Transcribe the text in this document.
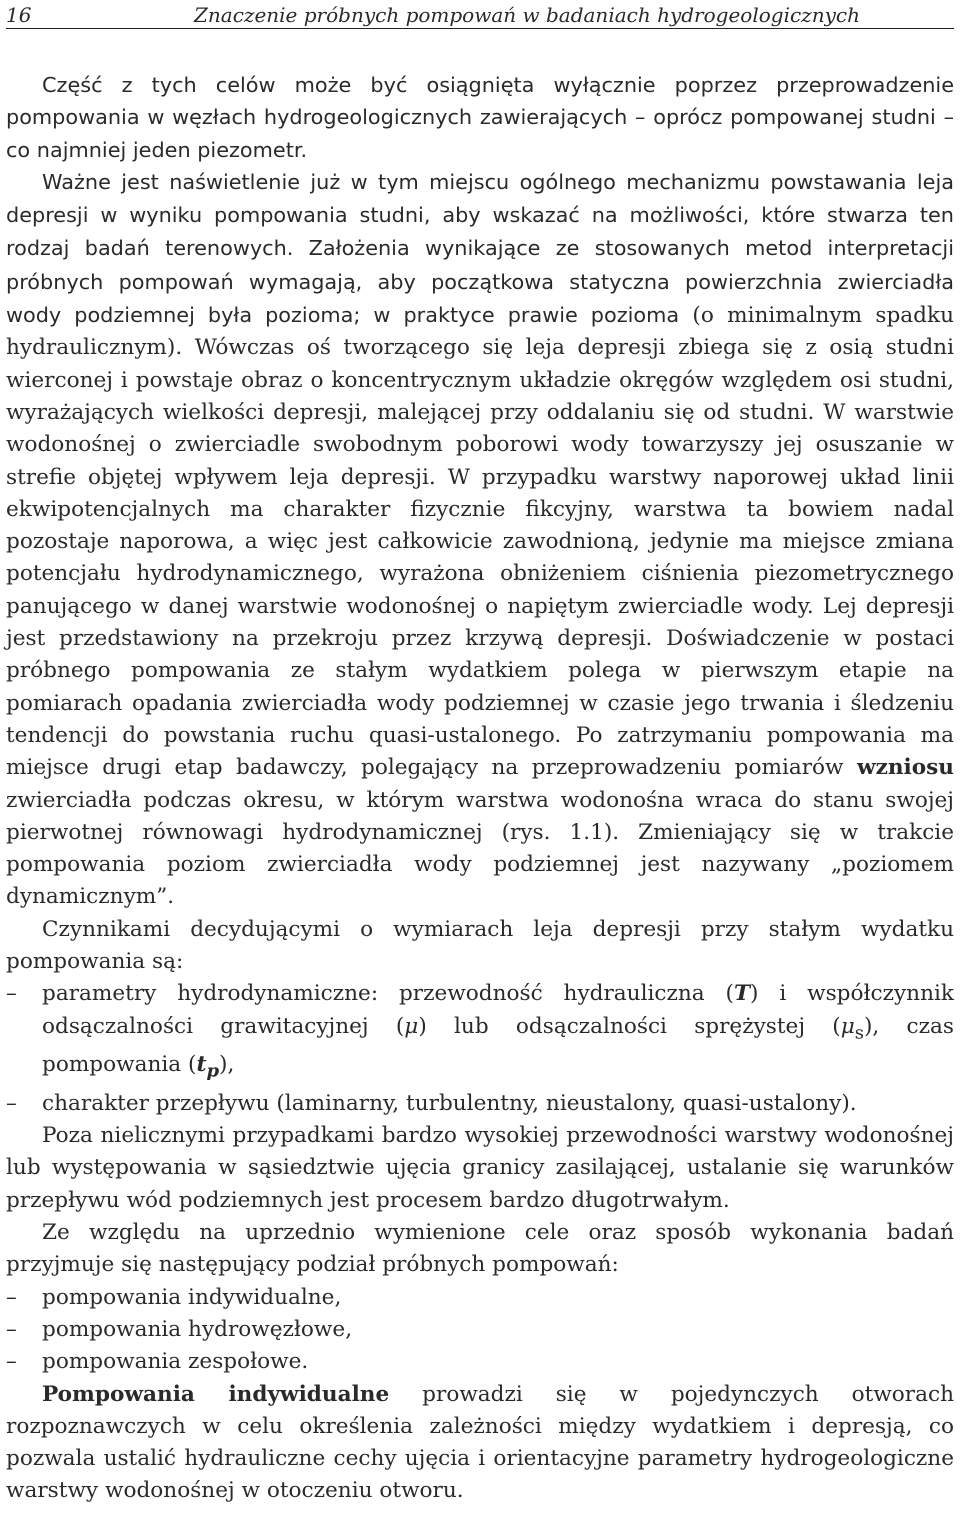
16	Znaczenie próbnych pompowań w badaniach hydrogeologicznych

Część z tych celów może być osiągnięta wyłącznie poprzez przeprowadzenie pompowania w węzłach hydrogeologicznych zawierających – oprócz pompowanej studni – co najmniej jeden piezometr.

Ważne jest naświetlenie już w tym miejscu ogólnego mechanizmu powstawania leja depresji w wyniku pompowania studni, aby wskazać na możliwości, które stwarza ten rodzaj badań terenowych. Założenia wynikające ze stosowanych metod interpretacji próbnych pompowań wymagają, aby początkowa statyczna powierzchnia zwierciadła wody podziemnej była pozioma; w praktyce prawie pozioma (o minimalnym spadku hydraulicznym). Wówczas oś tworzącego się leja depresji zbiega się z osią studni wierconej i powstaje obraz o koncentrycznym układzie okręgów względem osi studni, wyrażających wielkości depresji, malejącej przy oddalaniu się od studni. W warstwie wodonośnej o zwierciadle swobodnym poborowi wody towarzyszy jej osuszanie w strefie objętej wpływem leja depresji. W przypadku warstwy naporowej układ linii ekwipotencjalnych ma charakter fizycznie fikcyjny, warstwa ta bowiem nadal pozostaje naporowa, a więc jest całkowicie zawodnioną, jedynie ma miejsce zmiana potencjału hydrodynamicznego, wyrażona obniżeniem ciśnienia piezometrycznego panującego w danej warstwie wodonośnej o napiętym zwierciadle wody. Lej depresji jest przedstawiony na przekroju przez krzywą depresji. Doświadczenie w postaci próbnego pompowania ze stałym wydatkiem polega w pierwszym etapie na pomiarach opadania zwierciadła wody podziemnej w czasie jego trwania i śledzeniu tendencji do powstania ruchu quasi-ustalonego. Po zatrzymaniu pompowania ma miejsce drugi etap badawczy, polegający na przeprowadzeniu pomiarów wzniosu zwierciadła podczas okresu, w którym warstwa wodonośna wraca do stanu swojej pierwotnej równowagi hydrodynamicznej (rys. 1.1). Zmieniający się w trakcie pompowania poziom zwierciadła wody podziemnej jest nazywany „poziomem dynamicznym”.

Czynnikami decydującymi o wymiarach leja depresji przy stałym wydatku pompowania są:

– parametry hydrodynamiczne: przewodność hydrauliczna (T) i współczynnik odsączalności grawitacyjnej (μ) lub odsączalności sprężystej $(\mu_s)$, czas pompowania $(t_p)$,
– charakter przepływu (laminarny, turbulentny, nieustalony, quasi-ustalony).

Poza nielicznymi przypadkami bardzo wysokiej przewodności warstwy wodonośnej lub występowania w sąsiedztwie ujęcia granicy zasilającej, ustalanie się warunków przepływu wód podziemnych jest procesem bardzo długotrwałym.

Ze względu na uprzednio wymienione cele oraz sposób wykonania badań przyjmuje się następujący podział próbnych pompowań:

– pompowania indywidualne,
– pompowania hydrowęzłowe,
– pompowania zespołowe.

Pompowania indywidualne prowadzi się w pojedynczych otworach rozpoznawczych w celu określenia zależności między wydatkiem i depresją, co pozwala ustalić hydrauliczne cechy ujęcia i orientacyjne parametry hydrogeologiczne warstwy wodonośnej w otoczeniu otworu.
